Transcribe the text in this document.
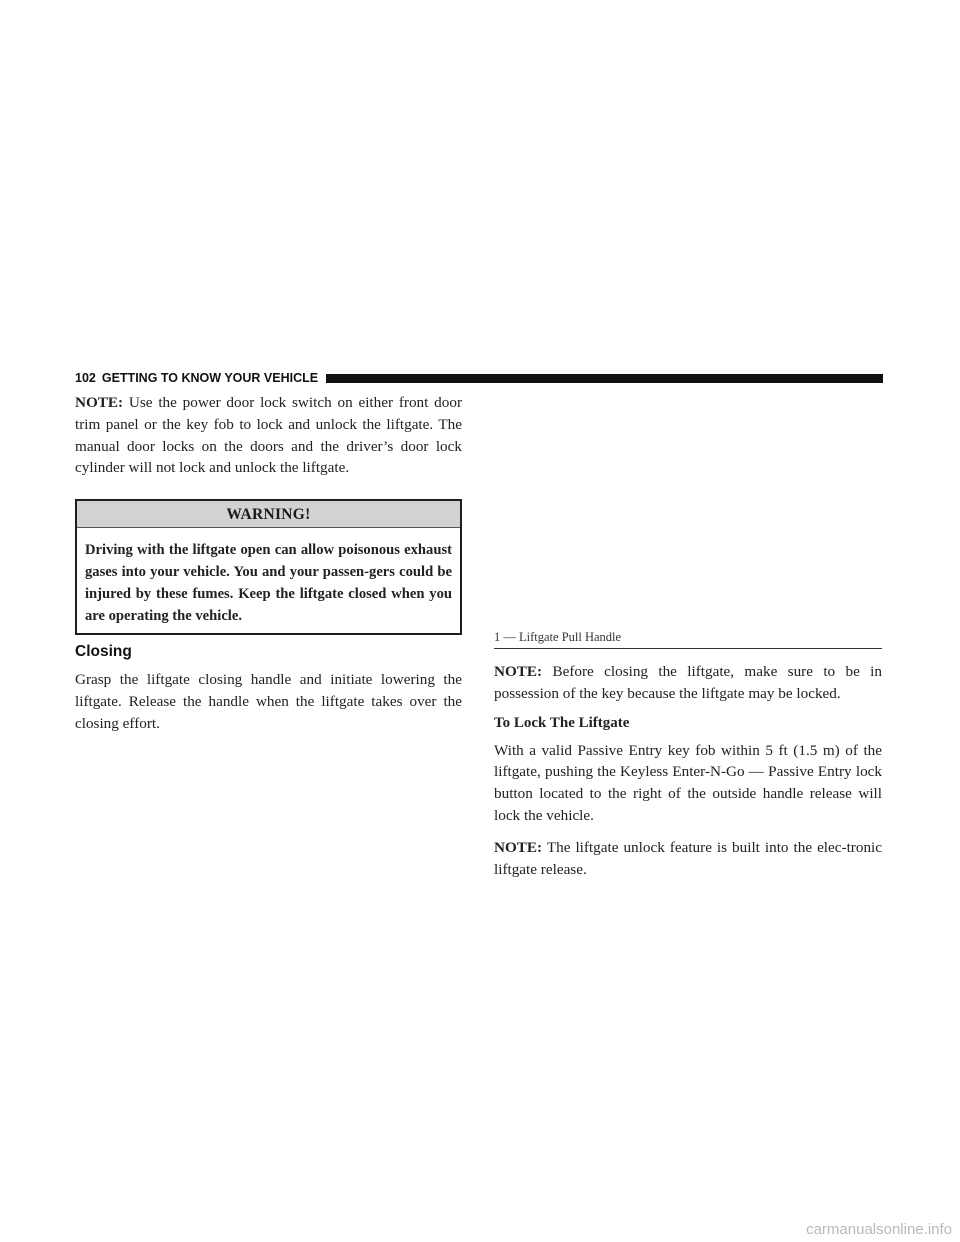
102 GETTING TO KNOW YOUR VEHICLE

NOTE: Use the power door lock switch on either front door trim panel or the key fob to lock and unlock the liftgate. The manual door locks on the doors and the driver’s door lock cylinder will not lock and unlock the liftgate.

WARNING!
Driving with the liftgate open can allow poisonous exhaust gases into your vehicle. You and your passen-gers could be injured by these fumes. Keep the liftgate closed when you are operating the vehicle.
Closing

Grasp the liftgate closing handle and initiate lowering the liftgate. Release the handle when the liftgate takes over the closing effort.

1 — Liftgate Pull Handle

NOTE: Before closing the liftgate, make sure to be in possession of the key because the liftgate may be locked.

To Lock The Liftgate

With a valid Passive Entry key fob within 5 ft (1.5 m) of the liftgate, pushing the Keyless Enter-N-Go — Passive Entry lock button located to the right of the outside handle release will lock the vehicle.

NOTE: The liftgate unlock feature is built into the elec-tronic liftgate release.

carmanualsonline.info
